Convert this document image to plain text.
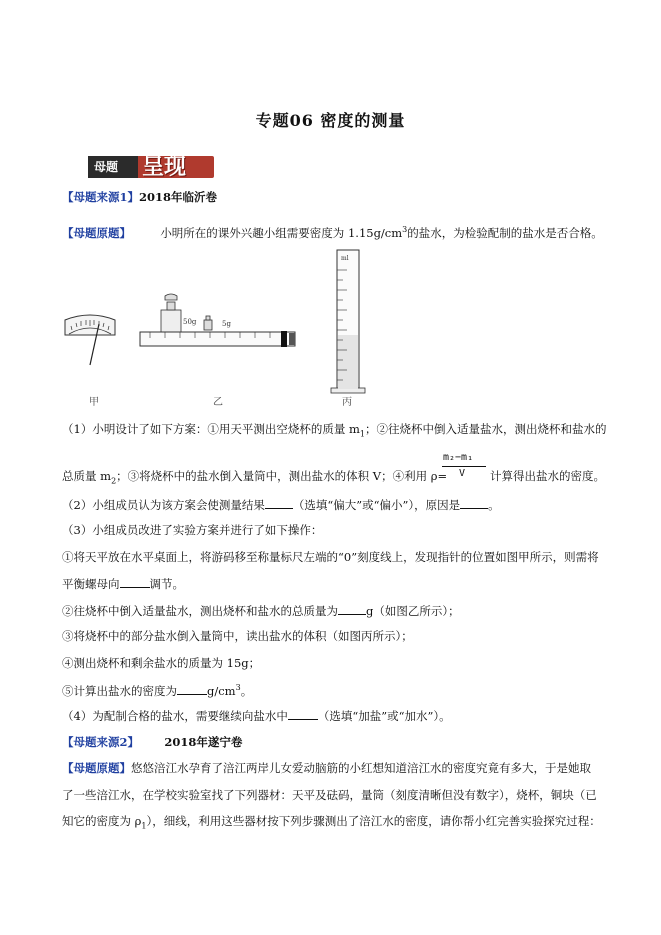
专题06 密度的测量
母题 呈现
【母题来源1】2018年临沂卷
【母题原题】	小明所在的课外兴趣小组需要密度为 $1.15g/cm^3$的盐水，为检验配制的盐水是否合格。
50g	5g
ml
甲	乙	丙
（1）小明设计了如下方案：①用天平测出空烧杯的质量 $m_1$；②往烧杯中倒入适量盐水，测出烧杯和盐水的
总质量 $m_2$；③将烧杯中的盐水倒入量筒中，测出盐水的体积 V；④利用 ρ=
m₂−m₁
V 计算得出盐水的密度。
（2）小组成员认为该方案会使测量结果 （选填“偏大”或“偏小”），原因是 。
（3）小组成员改进了实验方案并进行了如下操作：
①将天平放在水平桌面上，将游码移至称量标尺左端的“0”刻度线上，发现指针的位置如图甲所示，则需将
平衡螺母向	调节。
②往烧杯中倒入适量盐水，测出烧杯和盐水的总质量为 g（如图乙所示）；
③将烧杯中的部分盐水倒入量筒中，读出盐水的体积（如图丙所示）；
④测出烧杯和剩余盐水的质量为 15g；
⑤计算出盐水的密度为	$g/cm^3$。
（4）为配制合格的盐水，需要继续向盐水中	（选填“加盐”或“加水”）。
【母题来源2】 2018年遂宁卷
【母题原题】悠悠涪江水孕育了涪江两岸儿女爱动脑筋的小红想知道涪江水的密度究竟有多大，于是她取
了一些涪江水，在学校实验室找了下列器材：天平及砝码，量筒（刻度清晰但没有数字），烧杯，铜块（已
知它的密度为 $\rho_1$），细线，利用这些器材按下列步骤测出了涪江水的密度，请你帮小红完善实验探究过程：
